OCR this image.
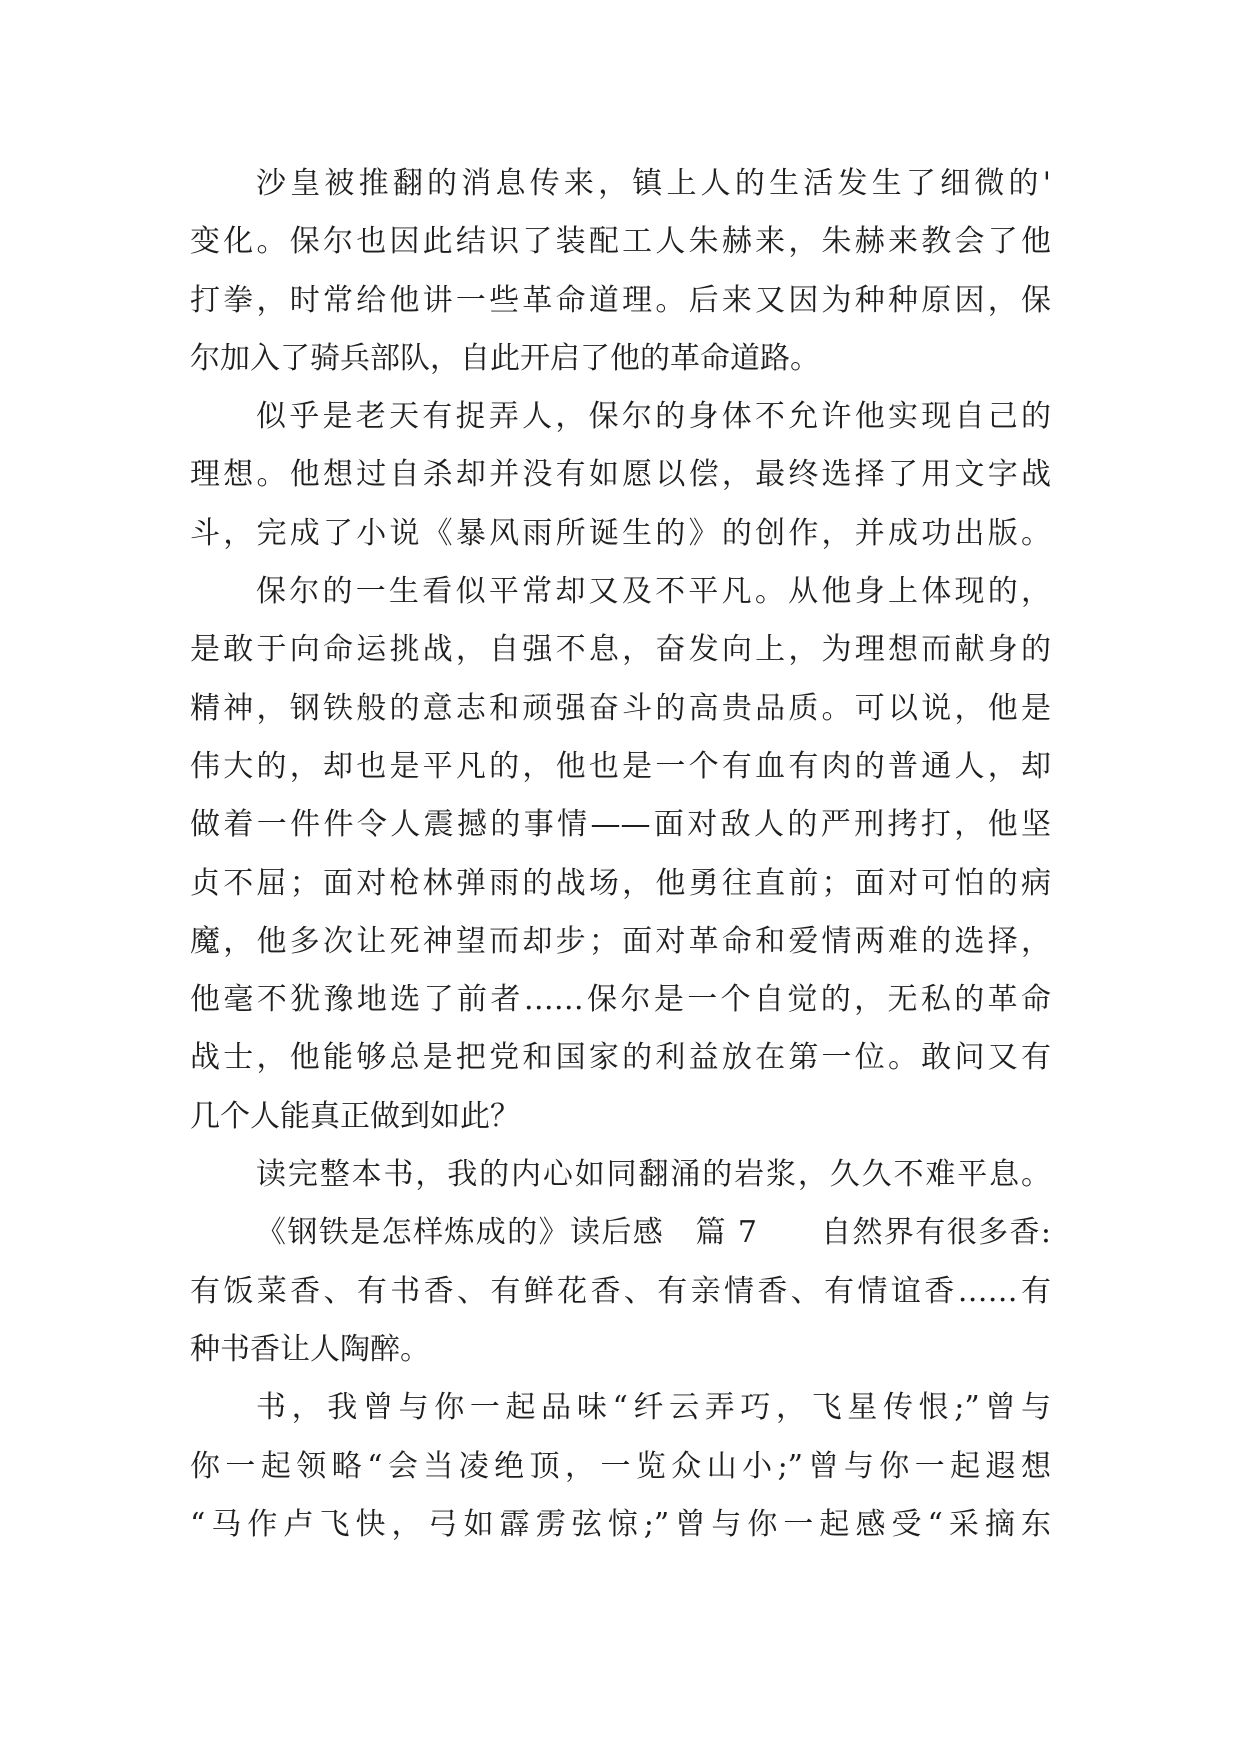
沙皇被推翻的消息传来，镇上人的生活发生了细微的'
变化。保尔也因此结识了装配工人朱赫来，朱赫来教会了他
打拳，时常给他讲一些革命道理。后来又因为种种原因，保
尔加入了骑兵部队，自此开启了他的革命道路。
似乎是老天有捉弄人，保尔的身体不允许他实现自己的
理想。他想过自杀却并没有如愿以偿，最终选择了用文字战
斗，完成了小说《暴风雨所诞生的》的创作，并成功出版。
保尔的一生看似平常却又及不平凡。从他身上体现的，
是敢于向命运挑战，自强不息，奋发向上，为理想而献身的
精神，钢铁般的意志和顽强奋斗的高贵品质。可以说，他是
伟大的，却也是平凡的，他也是一个有血有肉的普通人，却
做着一件件令人震撼的事情——面对敌人的严刑拷打，他坚
贞不屈；面对枪林弹雨的战场，他勇往直前；面对可怕的病
魔，他多次让死神望而却步；面对革命和爱情两难的选择，
他毫不犹豫地选了前者……保尔是一个自觉的，无私的革命
战士，他能够总是把党和国家的利益放在第一位。敢问又有
几个人能真正做到如此？
读完整本书，我的内心如同翻涌的岩浆，久久不难平息。
《钢铁是怎样炼成的》读后感　篇 7　　自然界有很多香:
有饭菜香、有书香、有鲜花香、有亲情香、有情谊香……有
种书香让人陶醉。
书，我曾与你一起品味“纤云弄巧，飞星传恨;”曾与
你一起领略“会当凌绝顶，一览众山小;”曾与你一起遐想
“马作卢飞快，弓如霹雳弦惊;”曾与你一起感受“采摘东
